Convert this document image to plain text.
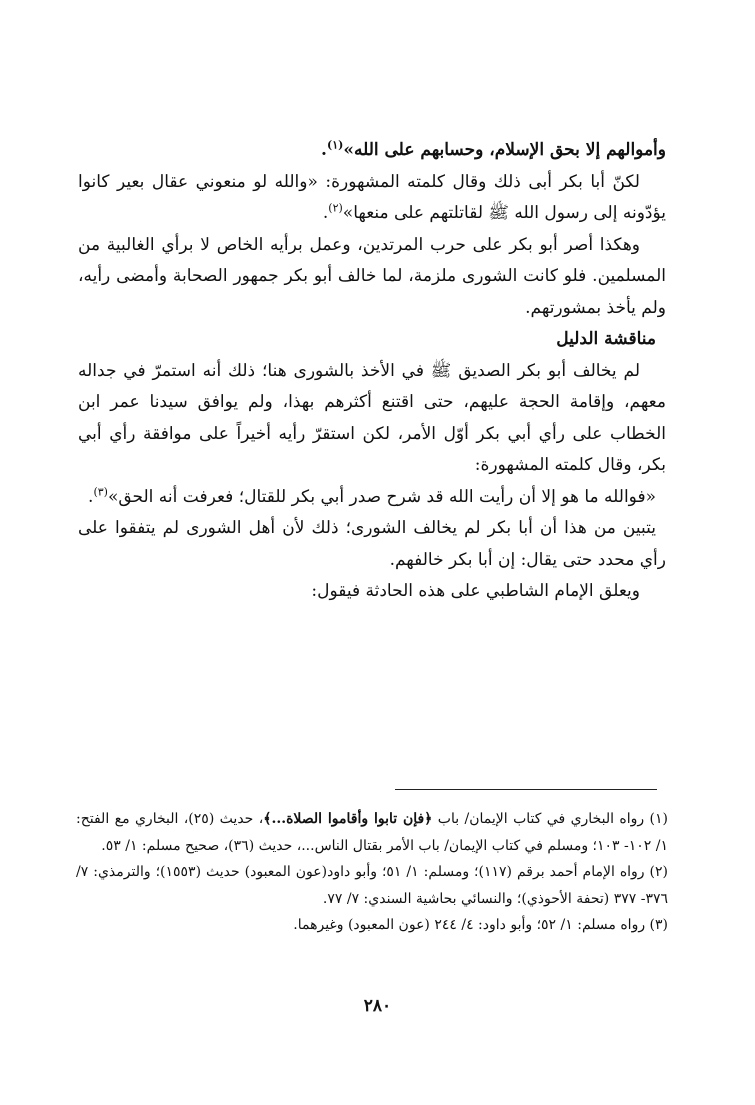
وأموالهم إلا بحق الإسلام، وحسابهم على الله»$^{(١)}$.

لكنّ أبا بكر أبى ذلك وقال كلمته المشهورة: «والله لو منعوني عقال بعير كانوا يؤدّونه إلى رسول الله ﷺ لقاتلتهم على منعها»$^{(٢)}$.

وهكذا أصر أبو بكر على حرب المرتدين، وعمل برأيه الخاص لا برأي الغالبية من المسلمين. فلو كانت الشورى ملزمة، لما خالف أبو بكر جمهور الصحابة وأمضى رأيه، ولم يأخذ بمشورتهم.

مناقشة الدليل

لم يخالف أبو بكر الصديق ﷺ في الأخذ بالشورى هنا؛ ذلك أنه استمرّ في جداله معهم، وإقامة الحجة عليهم، حتى اقتنع أكثرهم بهذا، ولم يوافق سيدنا عمر ابن الخطاب على رأي أبي بكر أوّل الأمر، لكن استقرّ رأيه أخيراً على موافقة رأي أبي بكر، وقال كلمته المشهورة:

«فوالله ما هو إلا أن رأيت الله قد شرح صدر أبي بكر للقتال؛ فعرفت أنه الحق»$^{(٣)}$.

يتبين من هذا أن أبا بكر لم يخالف الشورى؛ ذلك لأن أهل الشورى لم يتفقوا على رأي محدد حتى يقال: إن أبا بكر خالفهم.

ويعلق الإمام الشاطبي على هذه الحادثة فيقول:

(١) رواه البخاري في كتاب الإيمان/ باب ﴿فإن تابوا وأقاموا الصلاة...﴾، حديث (٢٥)، البخاري مع الفتح: ١/ ١٠٢- ١٠٣؛ ومسلم في كتاب الإيمان/ باب الأمر بقتال الناس...، حديث (٣٦)، صحيح مسلم: ١/ ٥٣.

(٢) رواه الإمام أحمد برقم (١١٧)؛ ومسلم: ١/ ٥١؛ وأبو داود(عون المعبود) حديث (١٥٥٣)؛ والترمذي: ٧/ ٣٧٦- ٣٧٧ (تحفة الأحوذي)؛ والنسائي بحاشية السندي: ٧/ ٧٧.

(٣) رواه مسلم: ١/ ٥٢؛ وأبو داود: ٤/ ٢٤٤ (عون المعبود) وغيرهما.

٢٨٠
